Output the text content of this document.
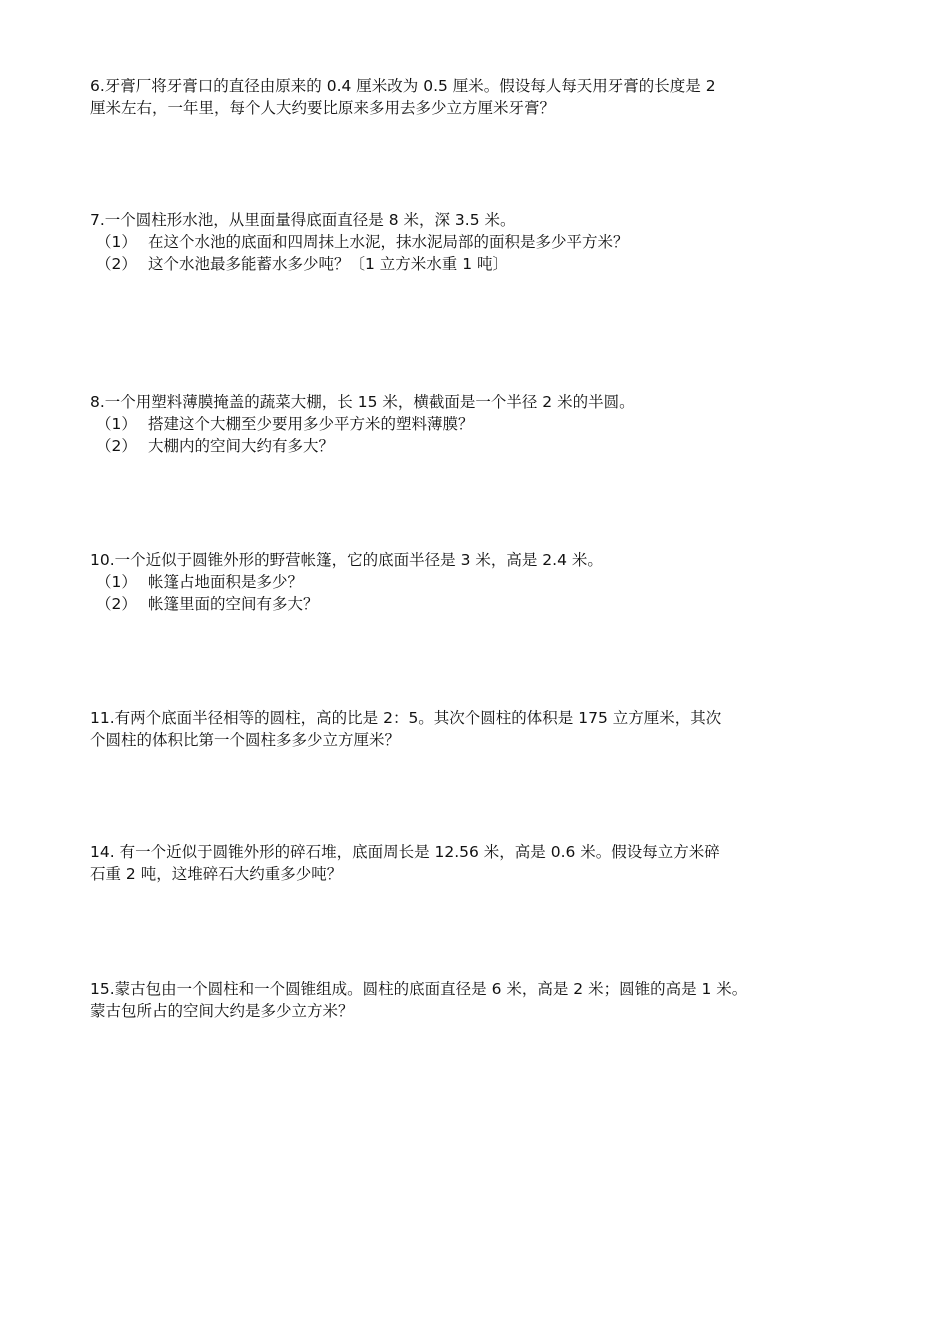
6.牙膏厂将牙膏口的直径由原来的 0.4 厘米改为 0.5 厘米。假设每人每天用牙膏的长度是 2
厘米左右，一年里，每个人大约要比原来多用去多少立方厘米牙膏？
7.一个圆柱形水池，从里面量得底面直径是 8 米，深 3.5 米。
（1） 在这个水池的底面和四周抹上水泥，抹水泥局部的面积是多少平方米？
（2） 这个水池最多能蓄水多少吨？〔1 立方米水重 1 吨〕
8.一个用塑料薄膜掩盖的蔬菜大棚，长 15 米，横截面是一个半径 2 米的半圆。
（1） 搭建这个大棚至少要用多少平方米的塑料薄膜？
（2） 大棚内的空间大约有多大？
10.一个近似于圆锥外形的野营帐篷，它的底面半径是 3 米，高是 2.4 米。
（1） 帐篷占地面积是多少？
（2） 帐篷里面的空间有多大？
11.有两个底面半径相等的圆柱，高的比是 2：5。其次个圆柱的体积是 175 立方厘米，其次
个圆柱的体积比第一个圆柱多多少立方厘米？
14. 有一个近似于圆锥外形的碎石堆，底面周长是 12.56 米，高是 0.6 米。假设每立方米碎
石重 2 吨，这堆碎石大约重多少吨？
15.蒙古包由一个圆柱和一个圆锥组成。圆柱的底面直径是 6 米，高是 2 米；圆锥的高是 1 米。
蒙古包所占的空间大约是多少立方米？
